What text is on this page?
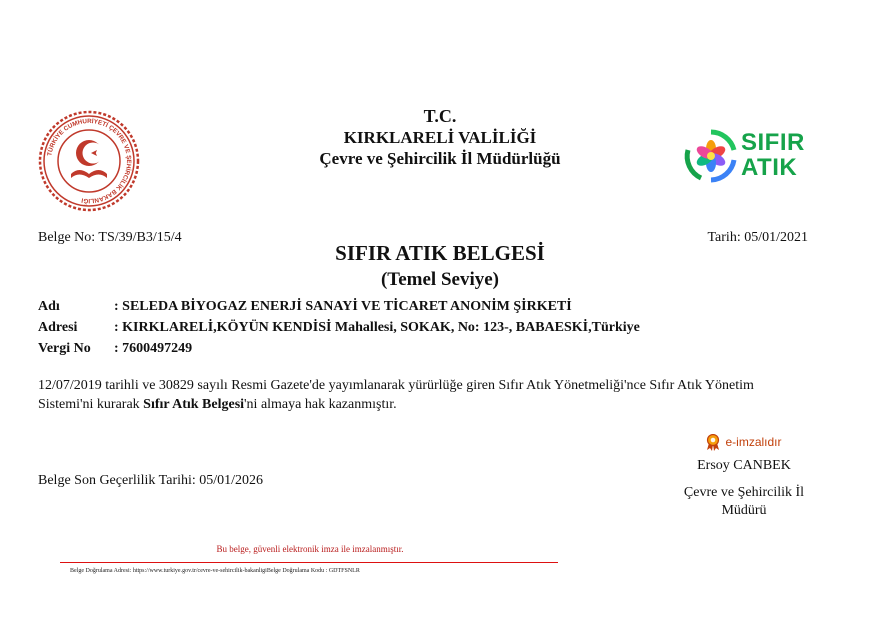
TÜRKİYE CUMHURİYETİ ÇEVRE VE ŞEHİRCİLİK BAKANLIĞI
T.C.
KIRKLARELİ VALİLİĞİ
Çevre ve Şehircilik İl Müdürlüğü
SIFIR
ATIK
Belge No: TS/39/B3/15/4	Tarih: 05/01/2021
SIFIR ATIK BELGESİ
(Temel Seviye)
Adı	: SELEDA BİYOGAZ ENERJİ SANAYİ VE TİCARET ANONİM ŞİRKETİ
Adresi	: KIRKLARELİ,KÖYÜN KENDİSİ Mahallesi, SOKAK, No: 123-, BABAESKİ,Türkiye
Vergi No	: 7600497249
12/07/2019 tarihli ve 30829 sayılı Resmi Gazete'de yayımlanarak yürürlüğe giren Sıfır Atık Yönetmeliği'nce Sıfır Atık Yönetim
Sistemi'ni kurarak Sıfır Atık Belgesi'ni almaya hak kazanmıştır.
Belge Son Geçerlilik Tarihi: 05/01/2026
e-imzalıdır
Ersoy CANBEK
Çevre ve Şehircilik İl
Müdürü
Bu belge, güvenli elektronik imza ile imzalanmıştır.
Belge Doğrulama Adresi: https://www.turkiye.gov.tr/cevre-ve-sehircilik-bakanligiBelge Doğrulama Kodu : GDTFSNLR
